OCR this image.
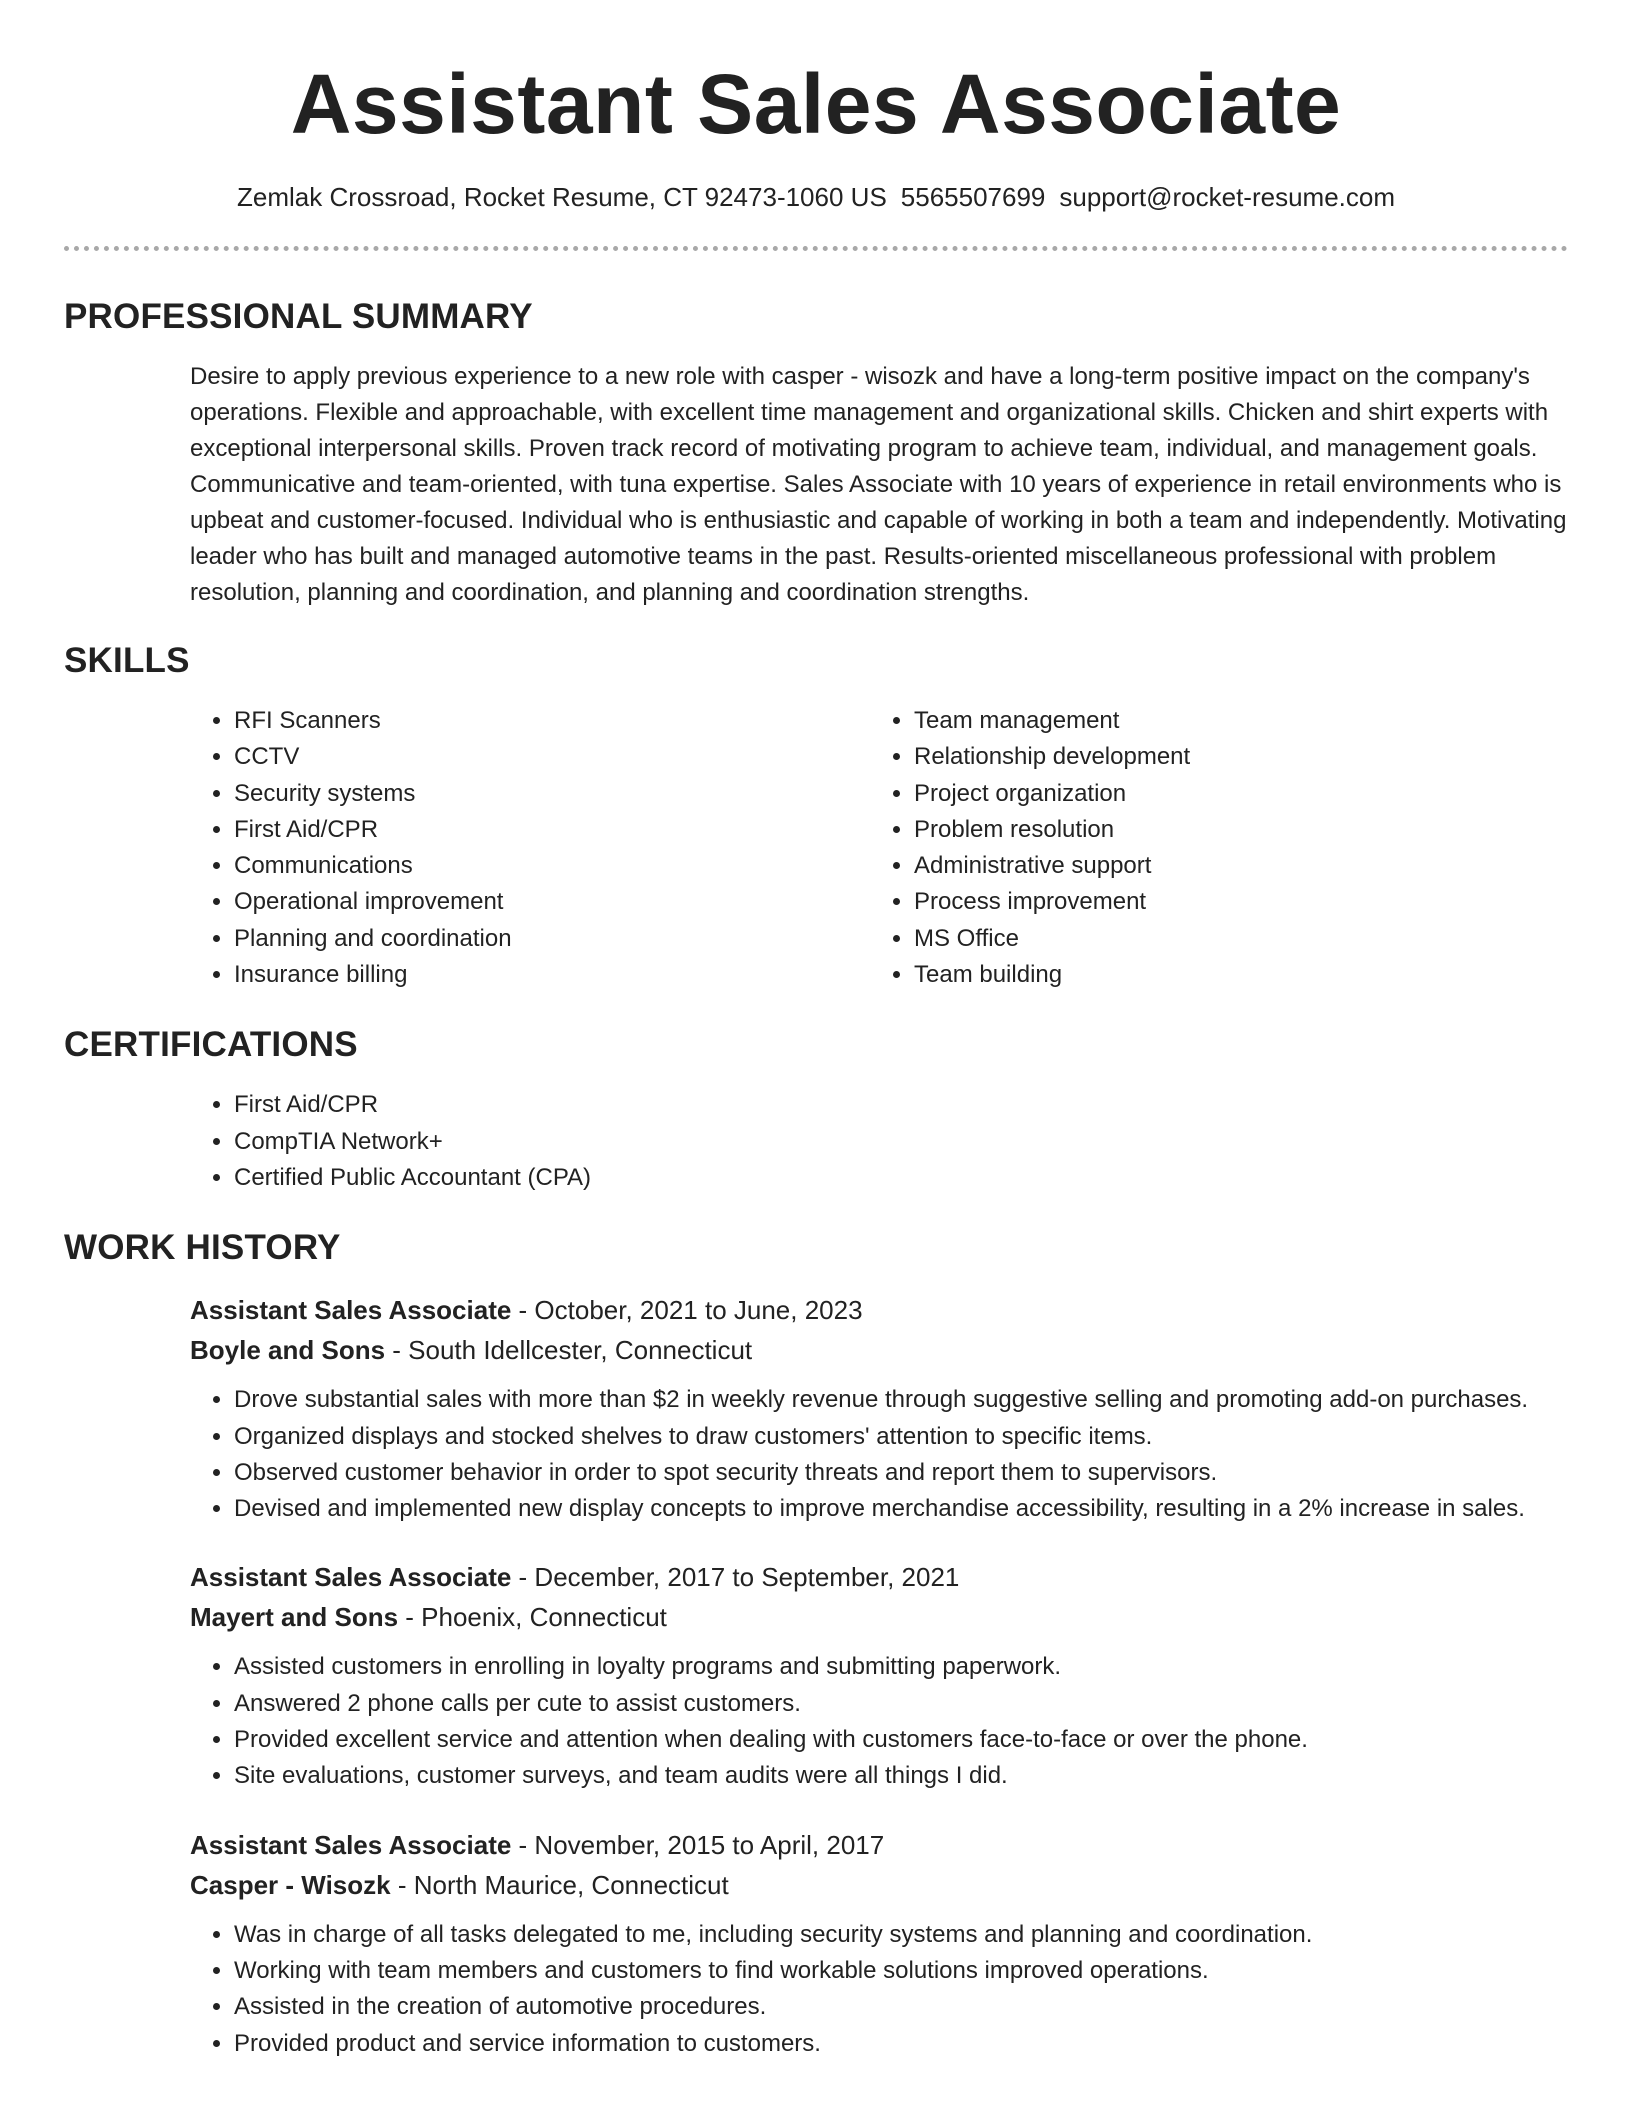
Assistant Sales Associate
Zemlak Crossroad, Rocket Resume, CT 92473-1060 US 5565507699 support@rocket-resume.com
PROFESSIONAL SUMMARY
Desire to apply previous experience to a new role with casper - wisozk and have a long-term positive impact on the company's operations. Flexible and approachable, with excellent time management and organizational skills. Chicken and shirt experts with exceptional interpersonal skills. Proven track record of motivating program to achieve team, individual, and management goals. Communicative and team-oriented, with tuna expertise. Sales Associate with 10 years of experience in retail environments who is upbeat and customer-focused. Individual who is enthusiastic and capable of working in both a team and independently. Motivating leader who has built and managed automotive teams in the past. Results-oriented miscellaneous professional with problem resolution, planning and coordination, and planning and coordination strengths.
SKILLS
• RFI Scanners
• CCTV
• Security systems
• First Aid/CPR
• Communications
• Operational improvement
• Planning and coordination
• Insurance billing
• Team management
• Relationship development
• Project organization
• Problem resolution
• Administrative support
• Process improvement
• MS Office
• Team building
CERTIFICATIONS
• First Aid/CPR
• CompTIA Network+
• Certified Public Accountant (CPA)
WORK HISTORY
Assistant Sales Associate - October, 2021 to June, 2023
Boyle and Sons - South Idellcester, Connecticut
• Drove substantial sales with more than $2 in weekly revenue through suggestive selling and promoting add-on purchases.
• Organized displays and stocked shelves to draw customers' attention to specific items.
• Observed customer behavior in order to spot security threats and report them to supervisors.
• Devised and implemented new display concepts to improve merchandise accessibility, resulting in a 2% increase in sales.
Assistant Sales Associate - December, 2017 to September, 2021
Mayert and Sons - Phoenix, Connecticut
• Assisted customers in enrolling in loyalty programs and submitting paperwork.
• Answered 2 phone calls per cute to assist customers.
• Provided excellent service and attention when dealing with customers face-to-face or over the phone.
• Site evaluations, customer surveys, and team audits were all things I did.
Assistant Sales Associate - November, 2015 to April, 2017
Casper - Wisozk - North Maurice, Connecticut
• Was in charge of all tasks delegated to me, including security systems and planning and coordination.
• Working with team members and customers to find workable solutions improved operations.
• Assisted in the creation of automotive procedures.
• Provided product and service information to customers.
